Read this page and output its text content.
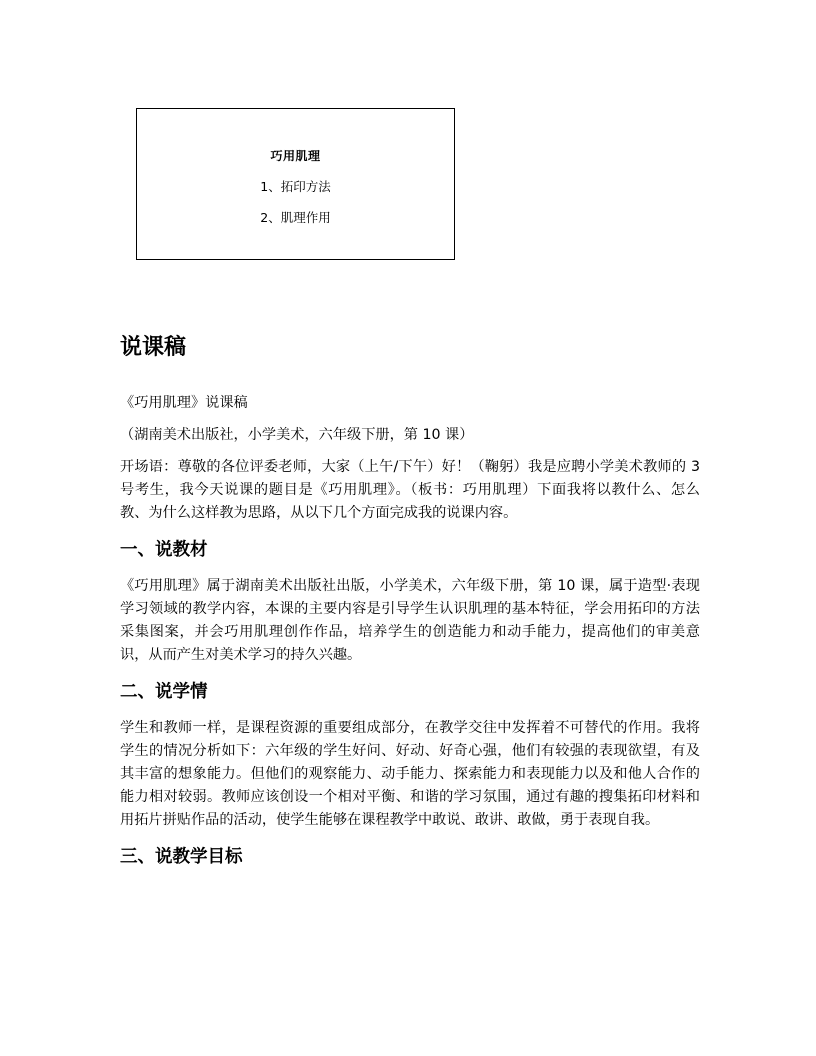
巧用肌理
1、拓印方法
2、肌理作用
说课稿
《巧用肌理》说课稿
（湖南美术出版社，小学美术，六年级下册，第 10 课）
开场语：尊敬的各位评委老师，大家（上午/下午）好！（鞠躬）我是应聘小学美术教师的 3 号考生，我今天说课的题目是《巧用肌理》。（板书：巧用肌理）下面我将以教什么、怎么教、为什么这样教为思路，从以下几个方面完成我的说课内容。
一、说教材
《巧用肌理》属于湖南美术出版社出版，小学美术，六年级下册，第 10 课，属于造型·表现学习领域的教学内容，本课的主要内容是引导学生认识肌理的基本特征，学会用拓印的方法采集图案，并会巧用肌理创作作品，培养学生的创造能力和动手能力，提高他们的审美意识，从而产生对美术学习的持久兴趣。
二、说学情
学生和教师一样，是课程资源的重要组成部分，在教学交往中发挥着不可替代的作用。我将学生的情况分析如下：六年级的学生好问、好动、好奇心强，他们有较强的表现欲望，有及其丰富的想象能力。但他们的观察能力、动手能力、探索能力和表现能力以及和他人合作的能力相对较弱。教师应该创设一个相对平衡、和谐的学习氛围，通过有趣的搜集拓印材料和用拓片拼贴作品的活动，使学生能够在课程教学中敢说、敢讲、敢做，勇于表现自我。
三、说教学目标
